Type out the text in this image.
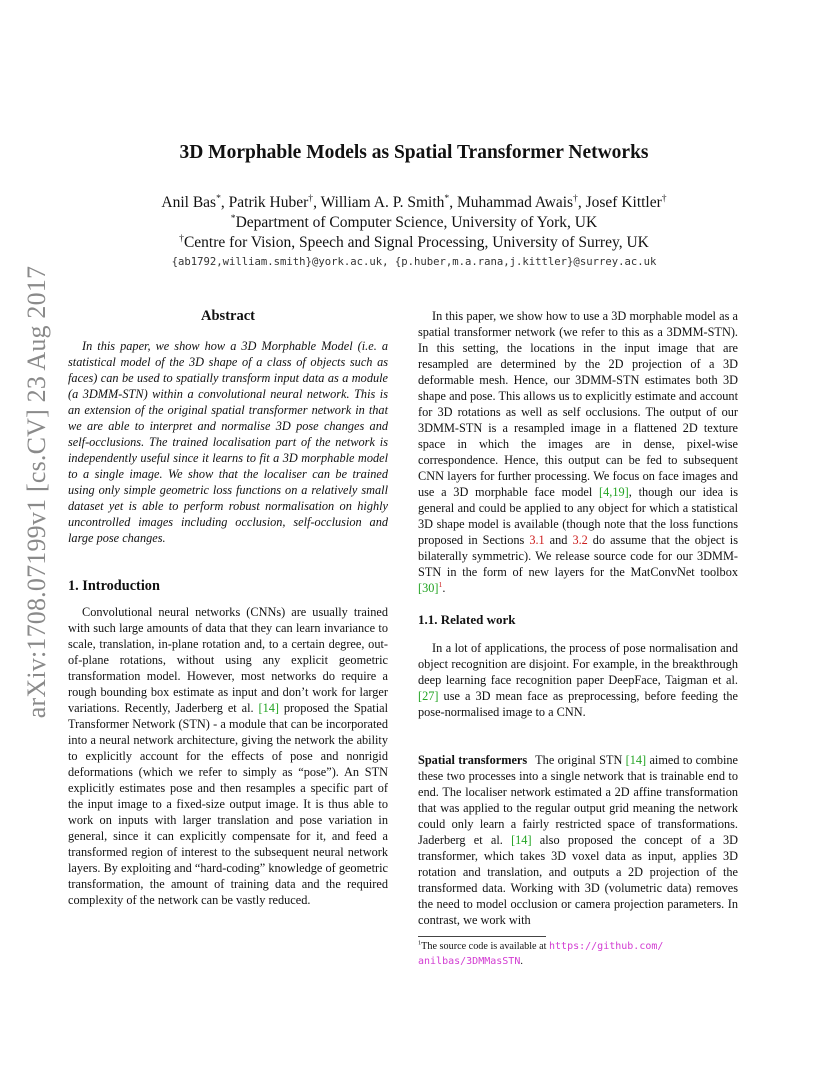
arXiv:1708.07199v1 [cs.CV] 23 Aug 2017
3D Morphable Models as Spatial Transformer Networks
Anil Bas*, Patrik Huber†, William A. P. Smith*, Muhammad Awais†, Josef Kittler†
*Department of Computer Science, University of York, UK
†Centre for Vision, Speech and Signal Processing, University of Surrey, UK
{ab1792,william.smith}@york.ac.uk, {p.huber,m.a.rana,j.kittler}@surrey.ac.uk
Abstract

In this paper, we show how a 3D Morphable Model (i.e. a statistical model of the 3D shape of a class of objects such as faces) can be used to spatially transform input data as a module (a 3DMM-STN) within a convolutional neural network. This is an extension of the original spatial transformer network in that we are able to interpret and normalise 3D pose changes and self-occlusions. The trained localisation part of the network is independently useful since it learns to fit a 3D morphable model to a single image. We show that the localiser can be trained using only simple geometric loss functions on a relatively small dataset yet is able to perform robust normalisation on highly uncontrolled images including occlusion, self-occlusion and large pose changes.

1. Introduction

Convolutional neural networks (CNNs) are usually trained with such large amounts of data that they can learn invariance to scale, translation, in-plane rotation and, to a certain degree, out-of-plane rotations, without using any explicit geometric transformation model. However, most networks do require a rough bounding box estimate as input and don’t work for larger variations. Recently, Jaderberg et al. [14] proposed the Spatial Transformer Network (STN) - a module that can be incorporated into a neural network architecture, giving the network the ability to explicitly account for the effects of pose and nonrigid deformations (which we refer to simply as “pose”). An STN explicitly estimates pose and then resamples a specific part of the input image to a fixed-size output image. It is thus able to work on inputs with larger translation and pose variation in general, since it can explicitly compensate for it, and feed a transformed region of interest to the subsequent neural network layers. By exploiting and “hard-coding” knowledge of geometric transformation, the amount of training data and the required complexity of the network can be vastly reduced.

In this paper, we show how to use a 3D morphable model as a spatial transformer network (we refer to this as a 3DMM-STN). In this setting, the locations in the input image that are resampled are determined by the 2D projection of a 3D deformable mesh. Hence, our 3DMM-STN estimates both 3D shape and pose. This allows us to explicitly estimate and account for 3D rotations as well as self occlusions. The output of our 3DMM-STN is a resampled image in a flattened 2D texture space in which the images are in dense, pixel-wise correspondence. Hence, this output can be fed to subsequent CNN layers for further processing. We focus on face images and use a 3D morphable face model [4,19], though our idea is general and could be applied to any object for which a statistical 3D shape model is available (though note that the loss functions proposed in Sections 3.1 and 3.2 do assume that the object is bilaterally symmetric). We release source code for our 3DMM-STN in the form of new layers for the MatConvNet toolbox [30]$^1$.

1.1. Related work

In a lot of applications, the process of pose normalisation and object recognition are disjoint. For example, in the breakthrough deep learning face recognition paper DeepFace, Taigman et al. [27] use a 3D mean face as preprocessing, before feeding the pose-normalised image to a CNN.

Spatial transformers The original STN [14] aimed to combine these two processes into a single network that is trainable end to end. The localiser network estimated a 2D affine transformation that was applied to the regular output grid meaning the network could only learn a fairly restricted space of transformations. Jaderberg et al. [14] also proposed the concept of a 3D transformer, which takes 3D voxel data as input, applies 3D rotation and translation, and outputs a 2D projection of the transformed data. Working with 3D (volumetric data) removes the need to model occlusion or camera projection parameters. In contrast, we work with

$^1$The source code is available at https://github.com/
anilbas/3DMMasSTN.
